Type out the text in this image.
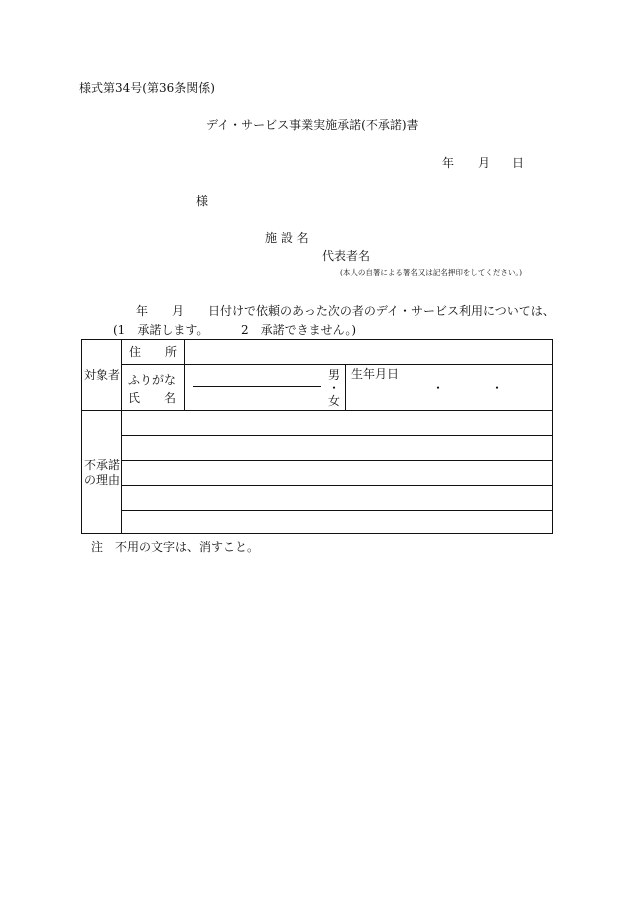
様式第34号(第36条関係)
デイ・サービス事業実施承諾(不承諾)書
年 月 日
様
施 設 名
代表者名
(本人の自署による署名又は記名押印をしてください。)
年 月 日付けで依頼のあった次の者のデイ・サービス利用については、
(1　承諾します。	2　承諾できません。)
対象者
住　　所
ふりがな
氏　　名
男
・
女
生年月日
・	・
不承諾
の理由
注　不用の文字は、消すこと。
